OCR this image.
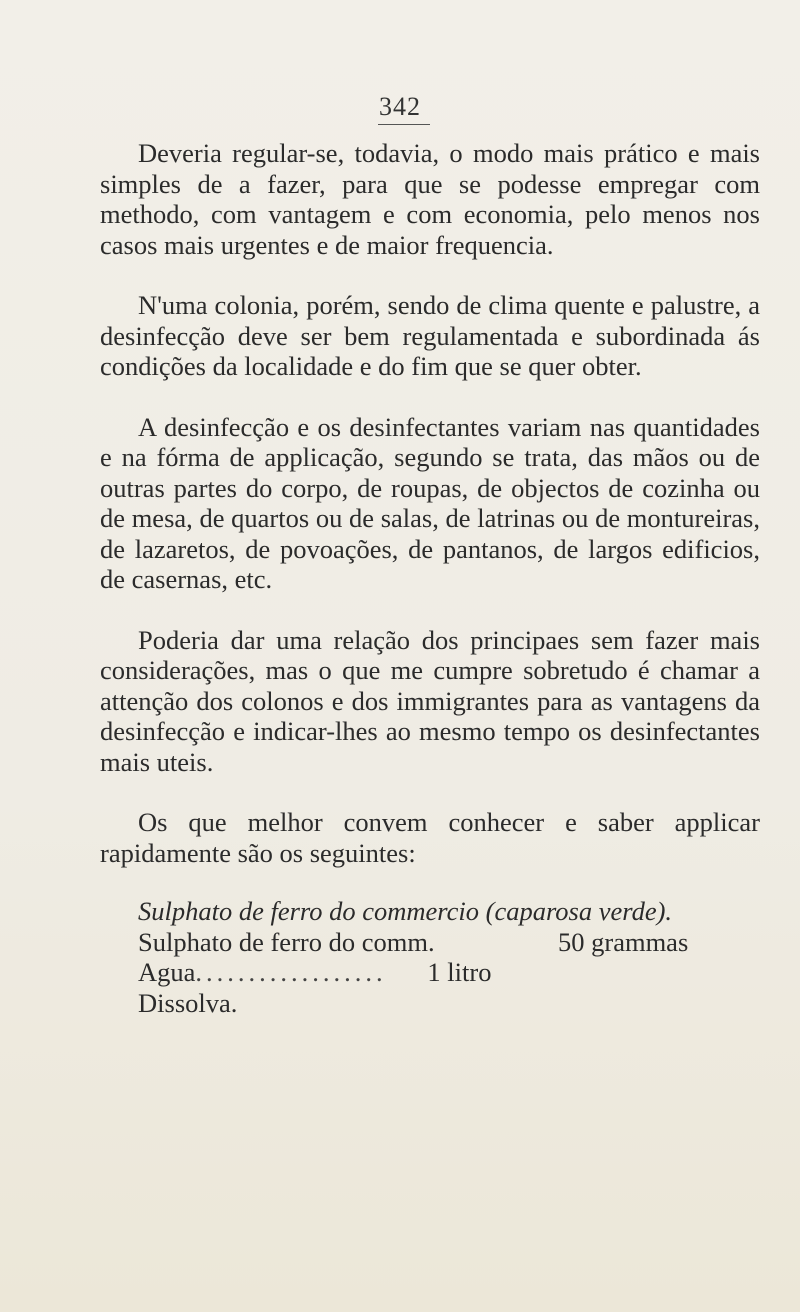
342

Deveria regular-se, todavia, o modo mais prático e mais simples de a fazer, para que se podesse empregar com methodo, com vantagem e com economia, pelo menos nos casos mais urgentes e de maior frequencia.

N'uma colonia, porém, sendo de clima quente e palustre, a desinfecção deve ser bem regulamentada e subordinada ás condições da localidade e do fim que se quer obter.

A desinfecção e os desinfectantes variam nas quantidades e na fórma de applicação, segundo se trata, das mãos ou de outras partes do corpo, de roupas, de objectos de cozinha ou de mesa, de quartos ou de salas, de latrinas ou de montureiras, de lazaretos, de povoações, de pantanos, de largos edificios, de casernas, etc.

Poderia dar uma relação dos principaes sem fazer mais considerações, mas o que me cumpre sobretudo é chamar a attenção dos colonos e dos immigrantes para as vantagens da desinfecção e indicar-lhes ao mesmo tempo os desinfectantes mais uteis.

Os que melhor convem conhecer e saber applicar rapidamente são os seguintes:

Sulphato de ferro do commercio (caparosa verde).

Sulphato de ferro do comm.	50 grammas
Agua ..................	1 litro

Dissolva.
